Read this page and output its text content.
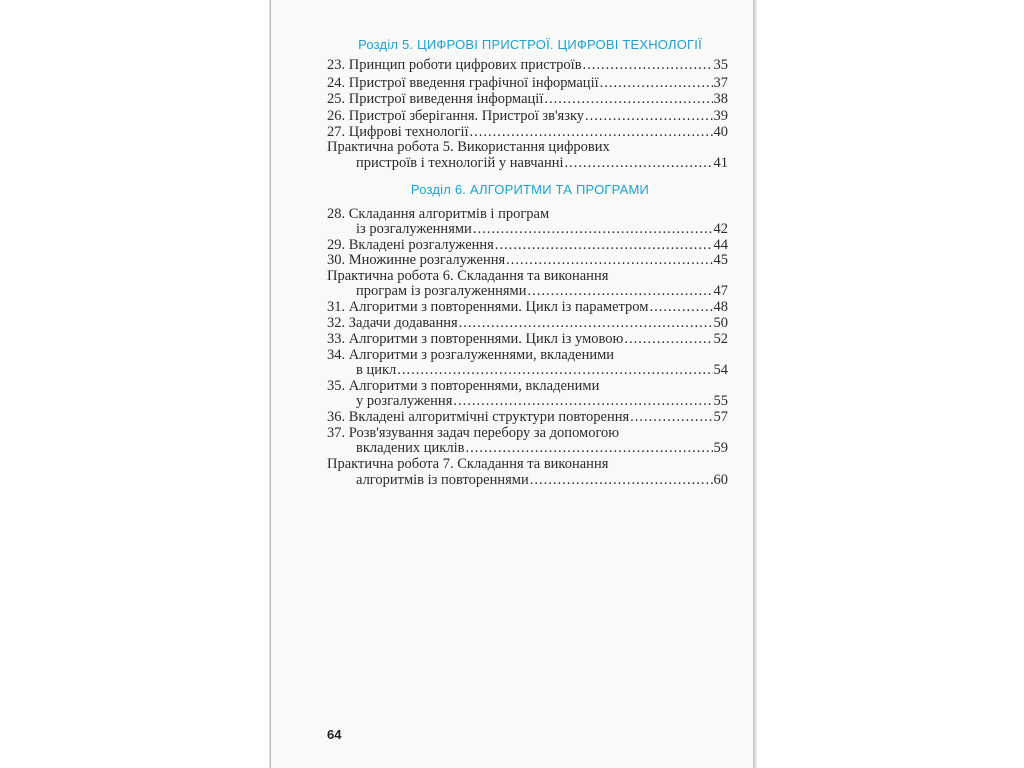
Розділ 5. ЦИФРОВІ ПРИСТРОЇ. ЦИФРОВІ ТЕХНОЛОГІЇ
23. Принцип роботи цифрових пристроїв .....	35
24. Пристрої введення графічної інформації .....	37
25. Пристрої виведення інформації .....	38
26. Пристрої зберігання. Пристрої зв'язку .....	39
27. Цифрові технології .....	40
Практична робота 5. Використання цифрових
пристроїв і технологій у навчанні .....	41
Розділ 6. АЛГОРИТМИ ТА ПРОГРАМИ
28. Складання алгоритмів і програм
із розгалуженнями .....	42
29. Вкладені розгалуження .....	44
30. Множинне розгалуження .....	45
Практична робота 6. Складання та виконання
програм із розгалуженнями .....	47
31. Алгоритми з повтореннями. Цикл із параметром .....	48
32. Задачи додавання .....	50
33. Алгоритми з повтореннями. Цикл із умовою .....	52
34. Алгоритми з розгалуженнями, вкладеними
в цикл .....	54
35. Алгоритми з повтореннями, вкладеними
у розгалуження .....	55
36. Вкладені алгоритмічні структури повторення .....	57
37. Розв'язування задач перебору за допомогою
вкладених циклів .....	59
Практична робота 7. Складання та виконання
алгоритмів із повтореннями .....	60
64
